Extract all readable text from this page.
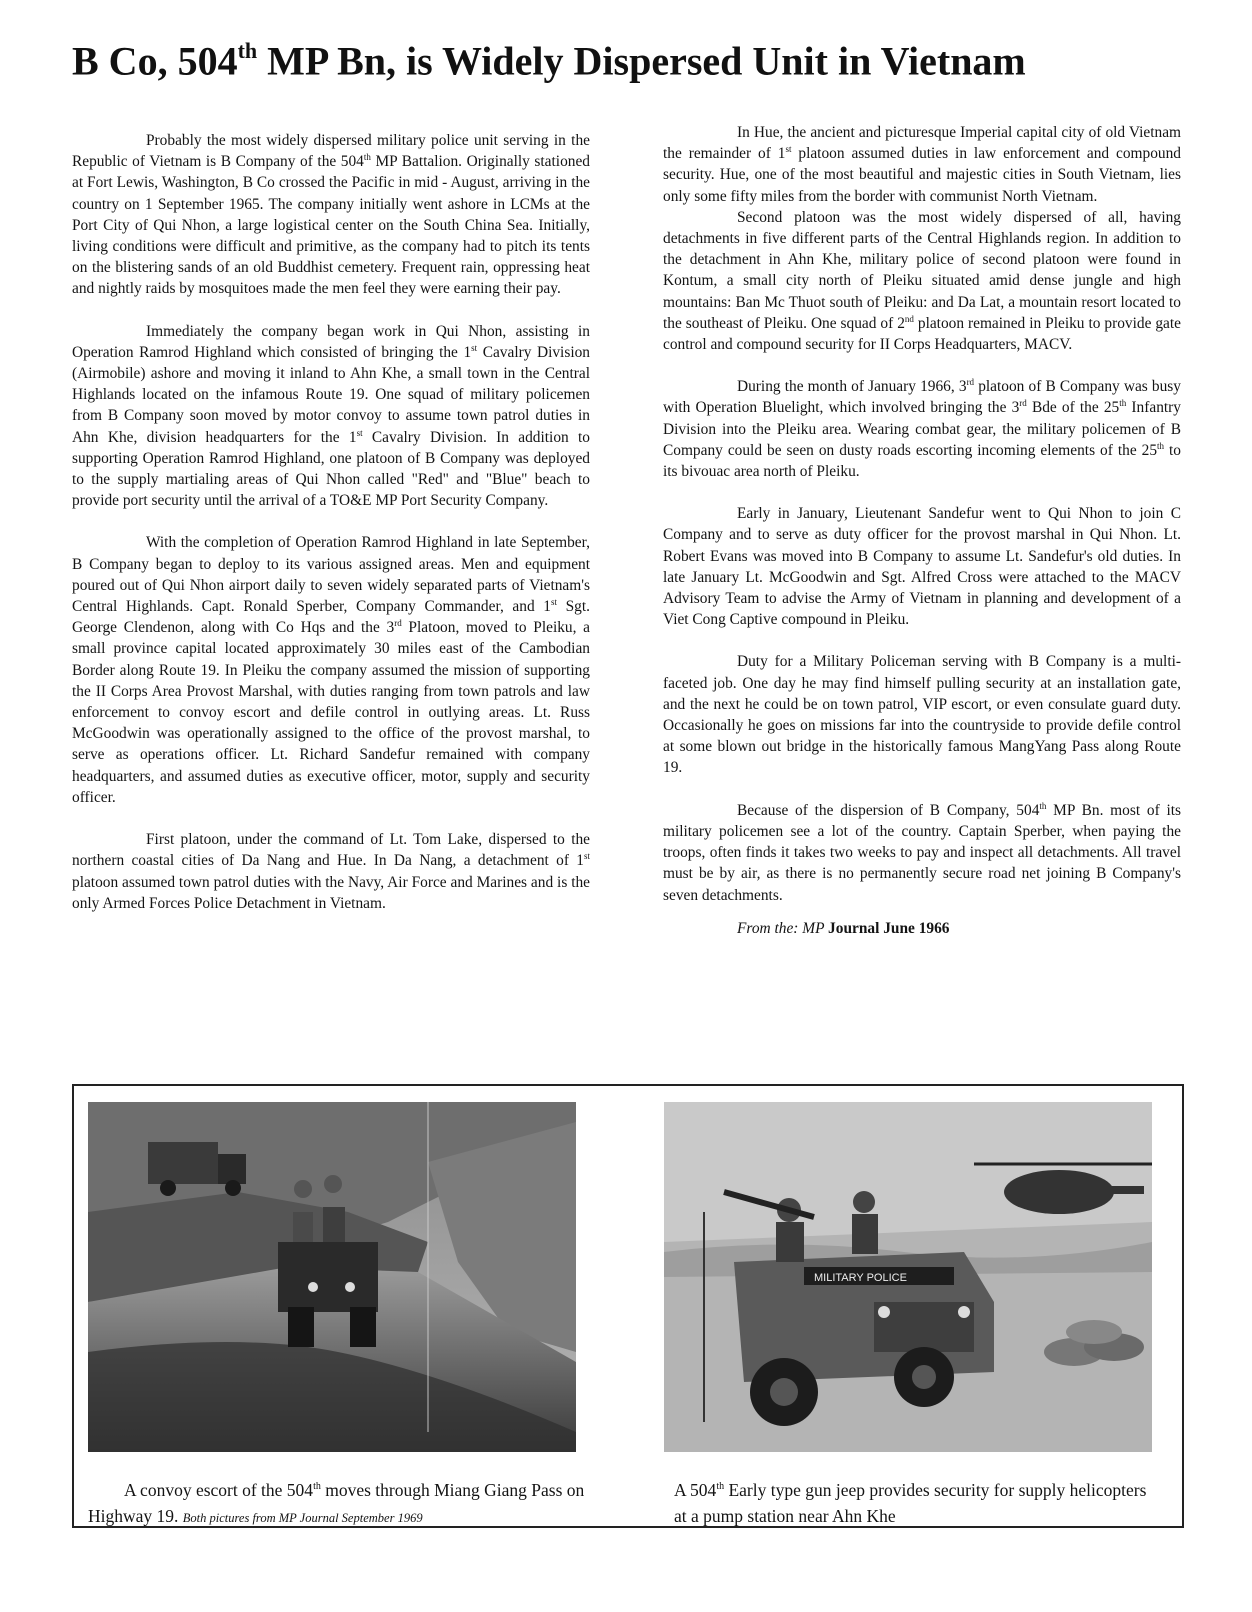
B Co, 504th MP Bn, is Widely Dispersed Unit in Vietnam

Probably the most widely dispersed military police unit serving in the Republic of Vietnam is B Company of the 504th MP Battalion. Originally stationed at Fort Lewis, Washington, B Co crossed the Pacific in mid - August, arriving in the country on 1 September 1965. The company initially went ashore in LCMs at the Port City of Qui Nhon, a large logistical center on the South China Sea. Initially, living conditions were difficult and primitive, as the company had to pitch its tents on the blistering sands of an old Buddhist cemetery. Frequent rain, oppressing heat and nightly raids by mosquitoes made the men feel they were earning their pay.

Immediately the company began work in Qui Nhon, assisting in Operation Ramrod Highland which consisted of bringing the 1st Cavalry Division (Airmobile) ashore and moving it inland to Ahn Khe, a small town in the Central Highlands located on the infamous Route 19. One squad of military policemen from B Company soon moved by motor convoy to assume town patrol duties in Ahn Khe, division headquarters for the 1st Cavalry Division. In addition to supporting Operation Ramrod Highland, one platoon of B Company was deployed to the supply martialing areas of Qui Nhon called "Red" and "Blue" beach to provide port security until the arrival of a TO&E MP Port Security Company.

With the completion of Operation Ramrod Highland in late September, B Company began to deploy to its various assigned areas. Men and equipment poured out of Qui Nhon airport daily to seven widely separated parts of Vietnam's Central Highlands. Capt. Ronald Sperber, Company Commander, and 1st Sgt. George Clendenon, along with Co Hqs and the 3rd Platoon, moved to Pleiku, a small province capital located approximately 30 miles east of the Cambodian Border along Route 19. In Pleiku the company assumed the mission of supporting the II Corps Area Provost Marshal, with duties ranging from town patrols and law enforcement to convoy escort and defile control in outlying areas. Lt. Russ McGoodwin was operationally assigned to the office of the provost marshal, to serve as operations officer. Lt. Richard Sandefur remained with company headquarters, and assumed duties as executive officer, motor, supply and security officer.

First platoon, under the command of Lt. Tom Lake, dispersed to the northern coastal cities of Da Nang and Hue. In Da Nang, a detachment of 1st platoon assumed town patrol duties with the Navy, Air Force and Marines and is the only Armed Forces Police Detachment in Vietnam.

In Hue, the ancient and picturesque Imperial capital city of old Vietnam the remainder of 1st platoon assumed duties in law enforcement and compound security. Hue, one of the most beautiful and majestic cities in South Vietnam, lies only some fifty miles from the border with communist North Vietnam.

Second platoon was the most widely dispersed of all, having detachments in five different parts of the Central Highlands region. In addition to the detachment in Ahn Khe, military police of second platoon were found in Kontum, a small city north of Pleiku situated amid dense jungle and high mountains: Ban Mc Thuot south of Pleiku: and Da Lat, a mountain resort located to the southeast of Pleiku. One squad of 2nd platoon remained in Pleiku to provide gate control and compound security for II Corps Headquarters, MACV.

During the month of January 1966, 3rd platoon of B Company was busy with Operation Bluelight, which involved bringing the 3rd Bde of the 25th Infantry Division into the Pleiku area. Wearing combat gear, the military policemen of B Company could be seen on dusty roads escorting incoming elements of the 25th to its bivouac area north of Pleiku.

Early in January, Lieutenant Sandefur went to Qui Nhon to join C Company and to serve as duty officer for the provost marshal in Qui Nhon. Lt. Robert Evans was moved into B Company to assume Lt. Sandefur's old duties. In late January Lt. McGoodwin and Sgt. Alfred Cross were attached to the MACV Advisory Team to advise the Army of Vietnam in planning and development of a Viet Cong Captive compound in Pleiku.

Duty for a Military Policeman serving with B Company is a multi-faceted job. One day he may find himself pulling security at an installation gate, and the next he could be on town patrol, VIP escort, or even consulate guard duty. Occasionally he goes on missions far into the countryside to provide defile control at some blown out bridge in the historically famous MangYang Pass along Route 19.

Because of the dispersion of B Company, 504th MP Bn. most of its military policemen see a lot of the country. Captain Sperber, when paying the troops, often finds it takes two weeks to pay and inspect all detachments. All travel must be by air, as there is no permanently secure road net joining B Company's seven detachments.

From the: MP Journal June 1966

MILITARY POLICE
A convoy escort of the 504th moves through Miang Giang Pass on Highway 19. Both pictures from MP Journal September 1969
A 504th Early type gun jeep provides security for supply helicopters at a pump station near Ahn Khe
